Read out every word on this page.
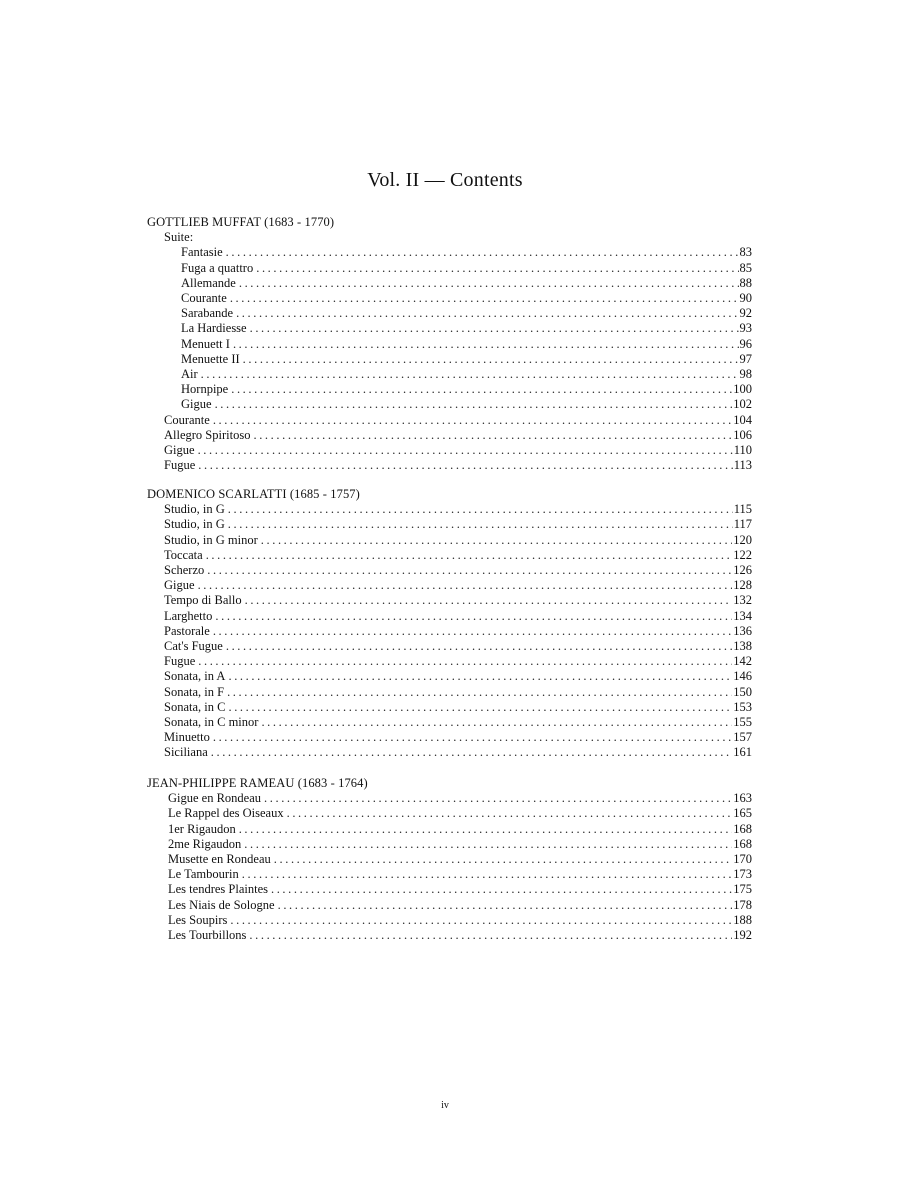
Vol. II — Contents
GOTTLIEB MUFFAT (1683 - 1770)
Suite:
Fantasie .....	83
Fuga a quattro .....	85
Allemande .....	88
Courante .....	90
Sarabande .....	92
La Hardiesse .....	93
Menuett I .....	96
Menuette II .....	97
Air .....	98
Hornpipe .....	100
Gigue .....	102
Courante .....	104
Allegro Spiritoso .....	106
Gigue .....	110
Fugue .....	113
DOMENICO SCARLATTI (1685 - 1757)
Studio, in G .....	115
Studio, in G .....	117
Studio, in G minor .....	120
Toccata .....	122
Scherzo .....	126
Gigue .....	128
Tempo di Ballo .....	132
Larghetto .....	134
Pastorale .....	136
Cat's Fugue .....	138
Fugue .....	142
Sonata, in A .....	146
Sonata, in F .....	150
Sonata, in C .....	153
Sonata, in C minor .....	155
Minuetto .....	157
Siciliana .....	161
JEAN-PHILIPPE RAMEAU (1683 - 1764)
Gigue en Rondeau .....	163
Le Rappel des Oiseaux .....	165
1er Rigaudon .....	168
2me Rigaudon .....	168
Musette en Rondeau .....	170
Le Tambourin .....	173
Les tendres Plaintes .....	175
Les Niais de Sologne .....	178
Les Soupirs .....	188
Les Tourbillons .....	192
iv
